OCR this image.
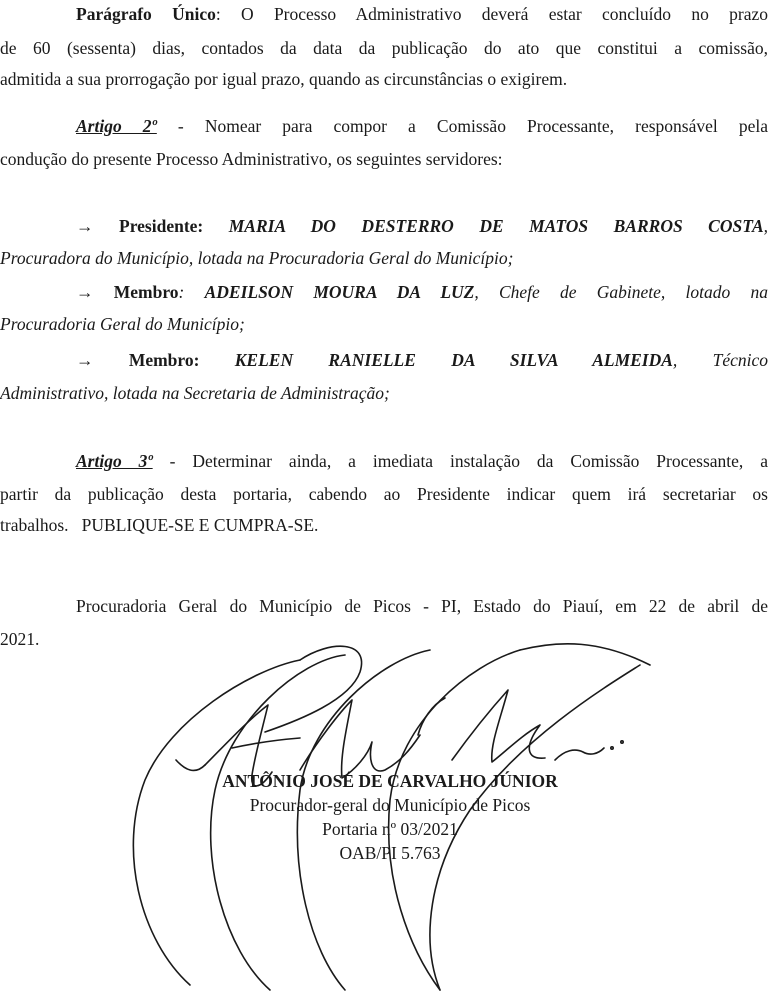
Parágrafo Único: O Processo Administrativo deverá estar concluído no prazo
de 60 (sessenta) dias, contados da data da publicação do ato que constitui a comissão,
admitida a sua prorrogação por igual prazo, quando as circunstâncias o exigirem.
Artigo 2º - Nomear para compor a Comissão Processante, responsável pela
condução do presente Processo Administrativo, os seguintes servidores:
→ Presidente: MARIA DO DESTERRO DE MATOS BARROS COSTA,
Procuradora do Município, lotada na Procuradoria Geral do Município;
→ Membro: ADEILSON MOURA DA LUZ, Chefe de Gabinete, lotado na
Procuradoria Geral do Município;
→ Membro: KELEN RANIELLE DA SILVA ALMEIDA, Técnico
Administrativo, lotada na Secretaria de Administração;
Artigo 3º - Determinar ainda, a imediata instalação da Comissão Processante, a
partir da publicação desta portaria, cabendo ao Presidente indicar quem irá secretariar os
trabalhos.   PUBLIQUE-SE E CUMPRA-SE.
Procuradoria Geral do Município de Picos - PI, Estado do Piauí, em 22 de abril de
2021.
ANTÔNIO JOSÉ DE CARVALHO JÚNIOR
Procurador-geral do Município de Picos
Portaria nº 03/2021
OAB/PI 5.763
